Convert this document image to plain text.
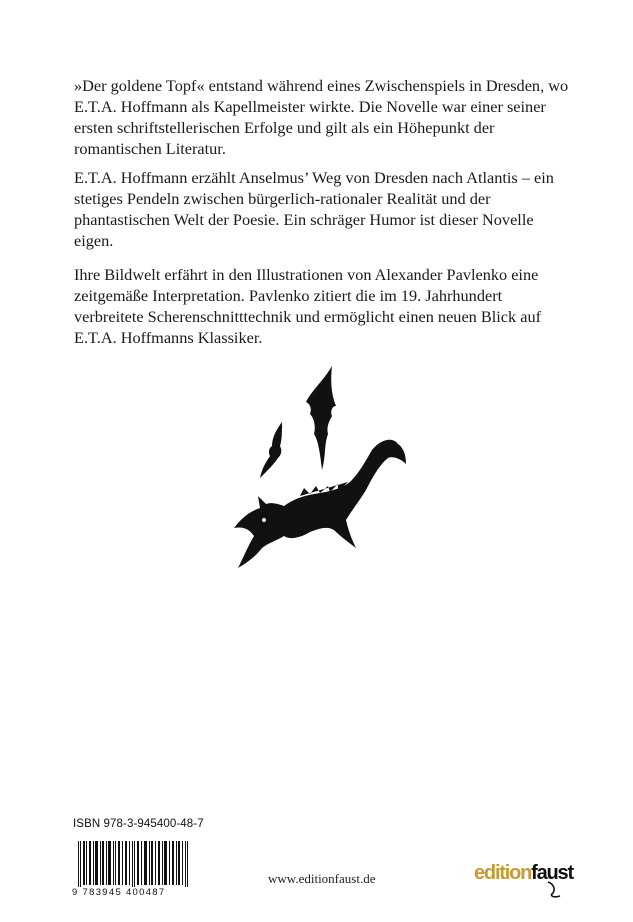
»Der goldene Topf« entstand während eines Zwischenspiels in Dresden, wo E.T.A. Hoffmann als Kapellmeister wirkte. Die Novelle war einer seiner ersten schriftstellerischen Erfolge und gilt als ein Höhepunkt der romantischen Literatur.

E.T.A. Hoffmann erzählt Anselmus’ Weg von Dresden nach Atlantis – ein stetiges Pendeln zwischen bürgerlich-rationaler Realität und der phantastischen Welt der Poesie. Ein schräger Humor ist dieser Novelle eigen.

Ihre Bildwelt erfährt in den Illustrationen von Alexander Pavlenko eine zeitgemäße Interpretation. Pavlenko zitiert die im 19. Jahrhundert verbreitete Scherenschnitttechnik und ermöglicht einen neuen Blick auf E.T.A. Hoffmanns Klassiker.

ISBN 978-3-945400-48-7
9 783945 400487
www.editionfaust.de	editionfaust
